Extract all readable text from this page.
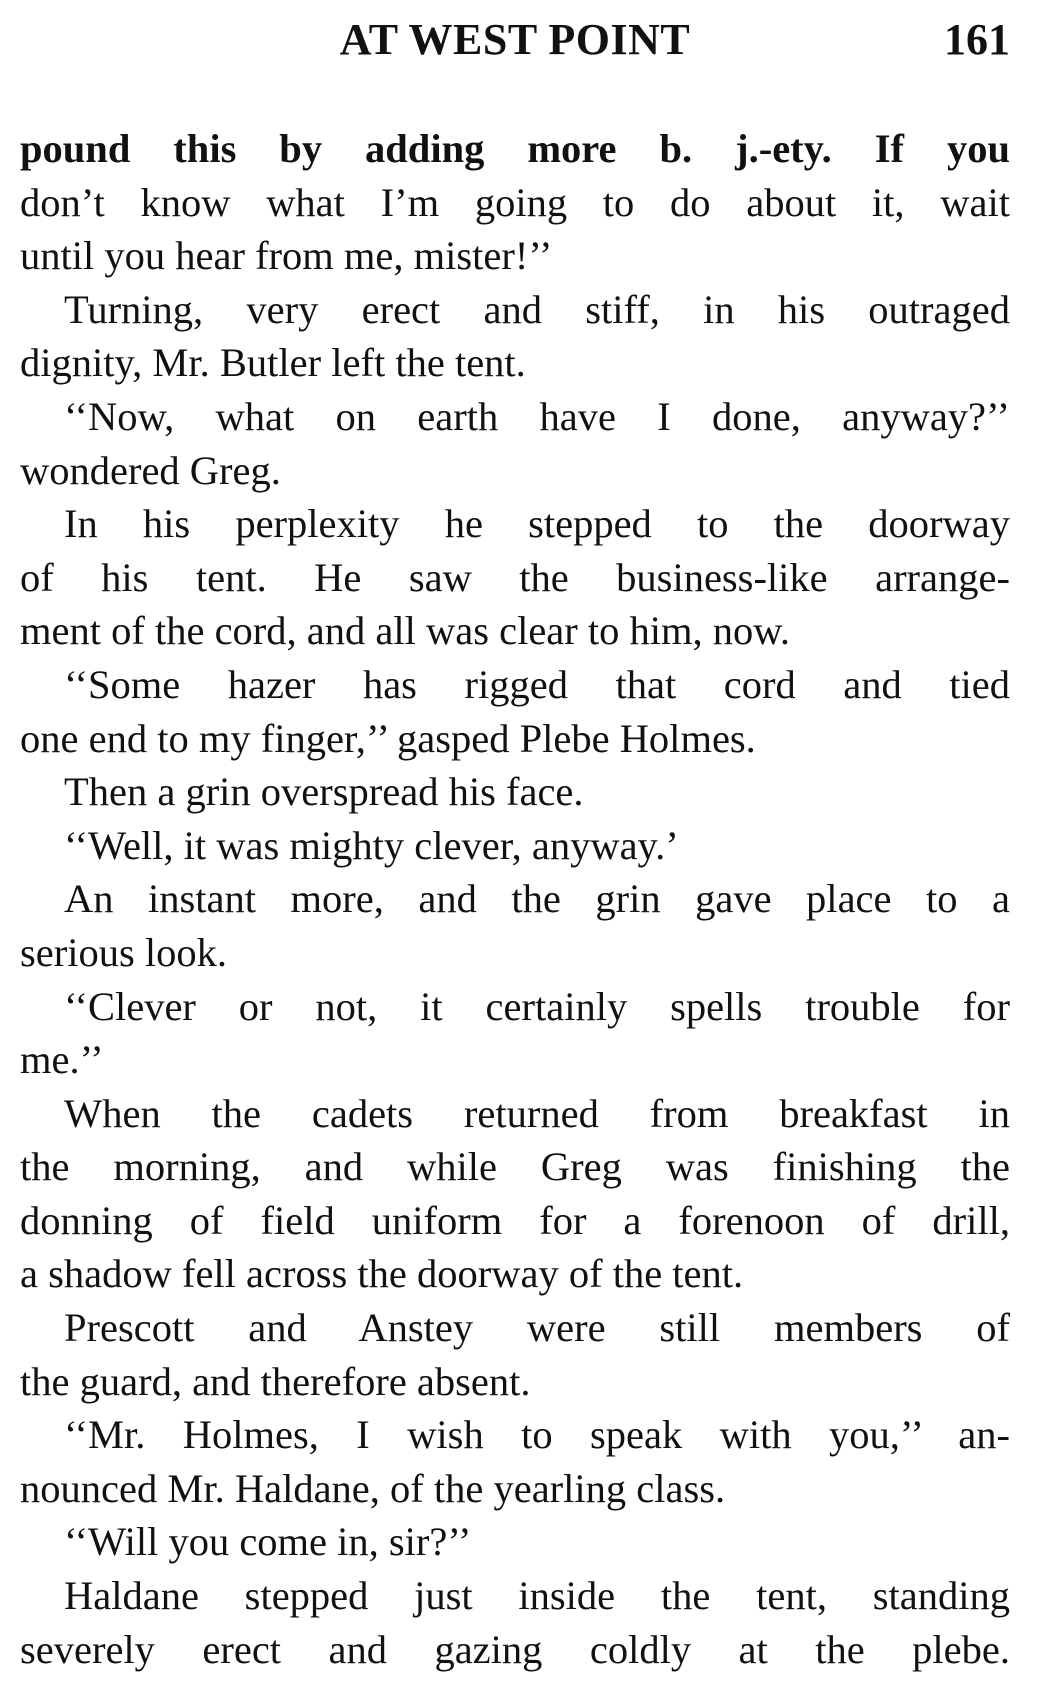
AT WEST POINT	161
pound this by adding more b. j.-ety. If you
don’t know what I’m going to do about it, wait
until you hear from me, mister!’’
Turning, very erect and stiff, in his outraged
dignity, Mr. Butler left the tent.
‘‘Now, what on earth have I done, anyway?’’
wondered Greg.
In his perplexity he stepped to the doorway
of his tent. He saw the business-like arrange-
ment of the cord, and all was clear to him, now.
‘‘Some hazer has rigged that cord and tied
one end to my finger,’’ gasped Plebe Holmes.
Then a grin overspread his face.
‘‘Well, it was mighty clever, anyway.’
An instant more, and the grin gave place to a
serious look.
‘‘Clever or not, it certainly spells trouble for
me.’’
When the cadets returned from breakfast in
the morning, and while Greg was finishing the
donning of field uniform for a forenoon of drill,
a shadow fell across the doorway of the tent.
Prescott and Anstey were still members of
the guard, and therefore absent.
‘‘Mr. Holmes, I wish to speak with you,’’ an-
nounced Mr. Haldane, of the yearling class.
‘‘Will you come in, sir?’’
Haldane stepped just inside the tent, standing
severely erect and gazing coldly at the plebe.
